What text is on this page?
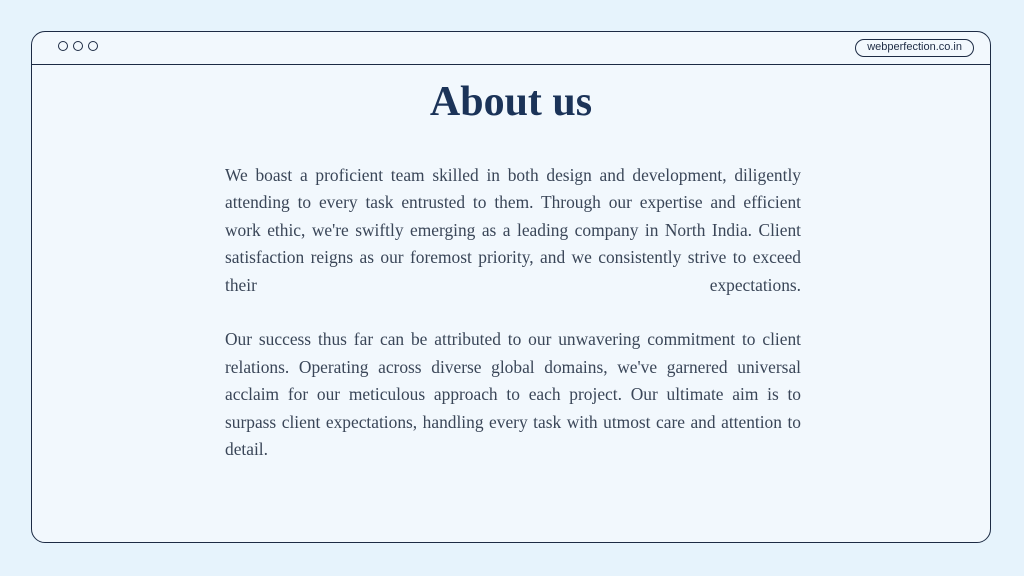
webperfection.co.in
About us

We boast a proficient team skilled in both design and development, diligently attending to every task entrusted to them. Through our expertise and efficient work ethic, we're swiftly emerging as a leading company in North India. Client satisfaction reigns as our foremost priority, and we consistently strive to exceed their expectations.

Our success thus far can be attributed to our unwavering commitment to client relations. Operating across diverse global domains, we've garnered universal acclaim for our meticulous approach to each project. Our ultimate aim is to surpass client expectations, handling every task with utmost care and attention to detail.
